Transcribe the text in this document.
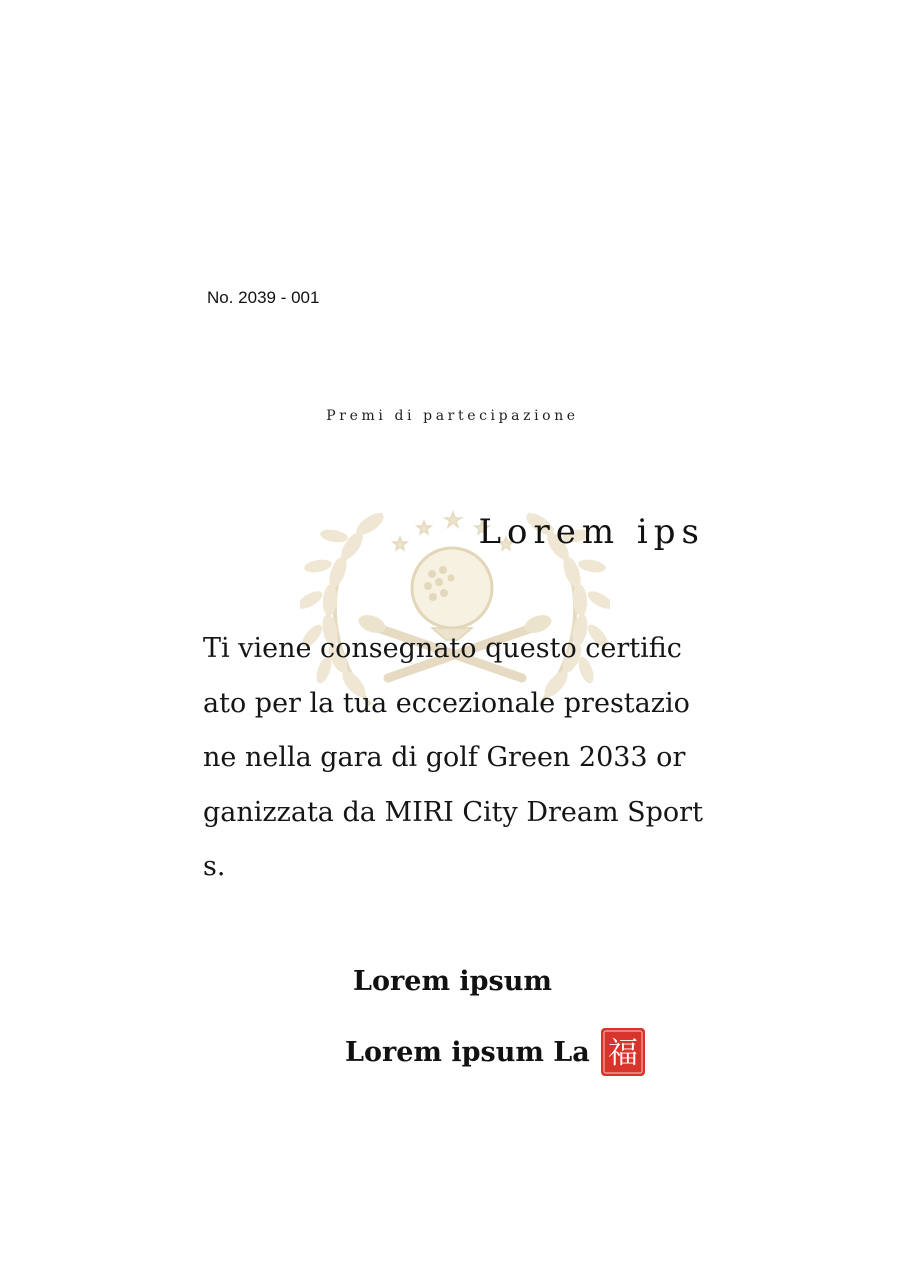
No. 2039 - 001
Premi di partecipazione
Lorem ips
Ti viene consegnato questo certific
ato per la tua eccezionale prestazio
ne nella gara di golf Green 2033 or
ganizzata da MIRI City Dream Sport
s.
Lorem ipsum
Lorem ipsum La 福
